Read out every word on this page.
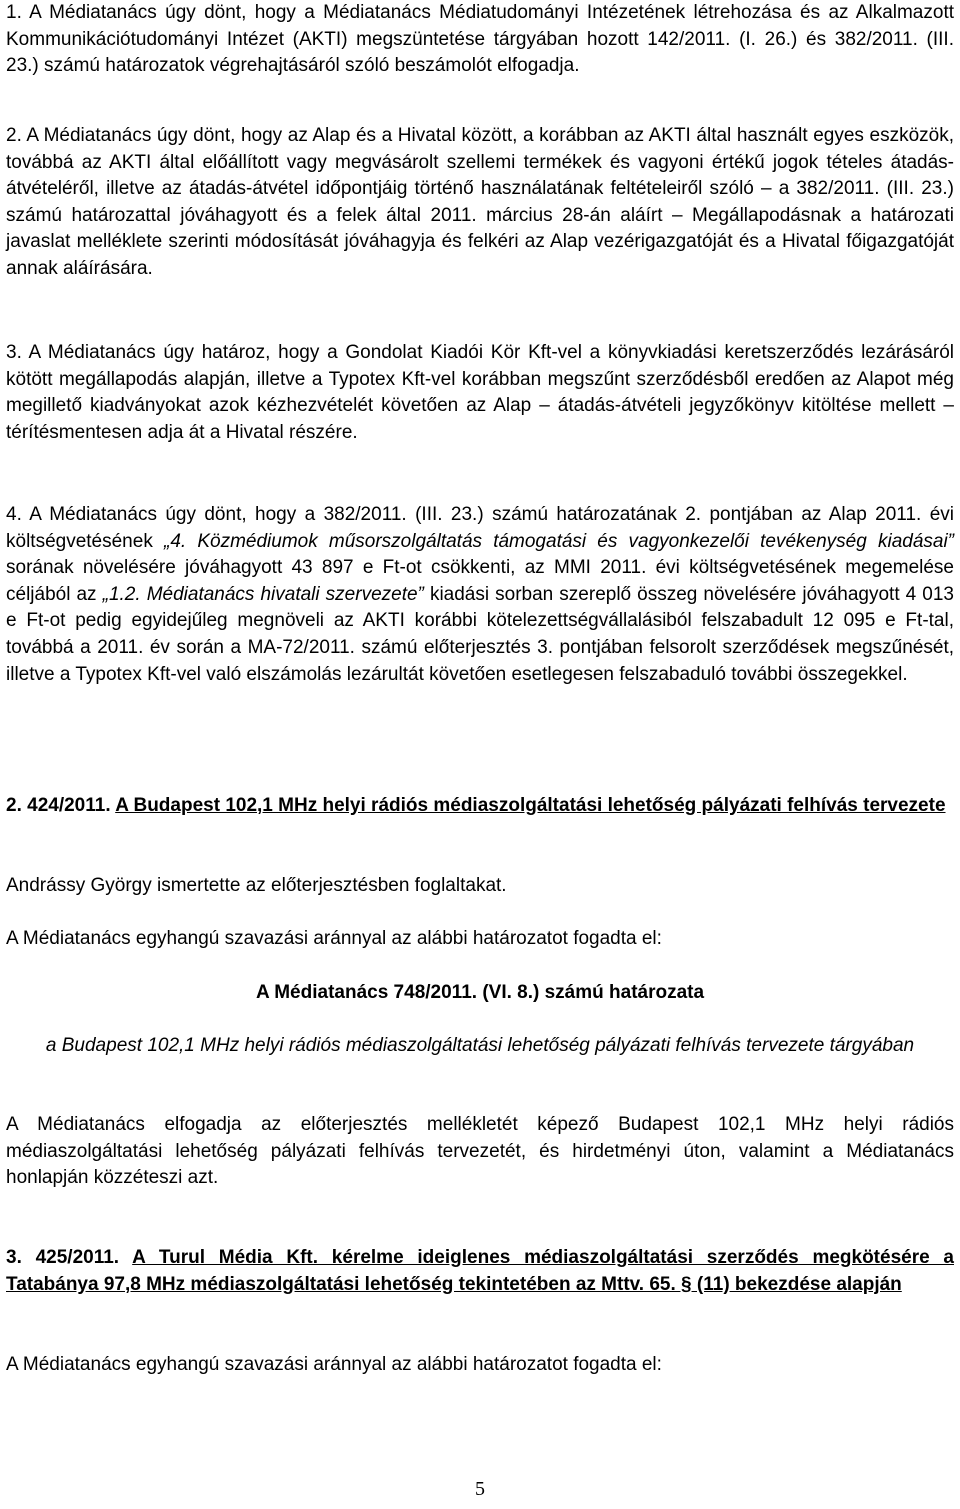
1. A Médiatanács úgy dönt, hogy a Médiatanács Médiatudományi Intézetének létrehozása és az Alkalmazott Kommunikációtudományi Intézet (AKTI) megszüntetése tárgyában hozott 142/2011. (I. 26.) és 382/2011. (III. 23.) számú határozatok végrehajtásáról szóló beszámolót elfogadja.

2. A Médiatanács úgy dönt, hogy az Alap és a Hivatal között, a korábban az AKTI által használt egyes eszközök, továbbá az AKTI által előállított vagy megvásárolt szellemi termékek és vagyoni értékű jogok tételes átadás-átvételéről, illetve az átadás-átvétel időpontjáig történő használatának feltételeiről szóló – a 382/2011. (III. 23.) számú határozattal jóváhagyott és a felek által 2011. március 28-án aláírt – Megállapodásnak a határozati javaslat melléklete szerinti módosítását jóváhagyja és felkéri az Alap vezérigazgatóját és a Hivatal főigazgatóját annak aláírására.

3. A Médiatanács úgy határoz, hogy a Gondolat Kiadói Kör Kft-vel a könyvkiadási keretszerződés lezárásáról kötött megállapodás alapján, illetve a Typotex Kft-vel korábban megszűnt szerződésből eredően az Alapot még megillető kiadványokat azok kézhezvételét követően az Alap – átadás-átvételi jegyzőkönyv kitöltése mellett – térítésmentesen adja át a Hivatal részére.

4. A Médiatanács úgy dönt, hogy a 382/2011. (III. 23.) számú határozatának 2. pontjában az Alap 2011. évi költségvetésének „4. Közmédiumok műsorszolgáltatás támogatási és vagyonkezelői tevékenység kiadásai” sorának növelésére jóváhagyott 43 897 e Ft-ot csökkenti, az MMI 2011. évi költségvetésének megemelése céljából az „1.2. Médiatanács hivatali szervezete” kiadási sorban szereplő összeg növelésére jóváhagyott 4 013 e Ft-ot pedig egyidejűleg megnöveli az AKTI korábbi kötelezettségvállalásiból felszabadult 12 095 e Ft-tal, továbbá a 2011. év során a MA-72/2011. számú előterjesztés 3. pontjában felsorolt szerződések megszűnését, illetve a Typotex Kft-vel való elszámolás lezárultát követően esetlegesen felszabaduló további összegekkel.

2. 424/2011. A Budapest 102,1 MHz helyi rádiós médiaszolgáltatási lehetőség pályázati felhívás tervezete

Andrássy György ismertette az előterjesztésben foglaltakat.

A Médiatanács egyhangú szavazási aránnyal az alábbi határozatot fogadta el:

A Médiatanács 748/2011. (VI. 8.) számú határozata

a Budapest 102,1 MHz helyi rádiós médiaszolgáltatási lehetőség pályázati felhívás tervezete tárgyában

A Médiatanács elfogadja az előterjesztés mellékletét képező Budapest 102,1 MHz helyi rádiós médiaszolgáltatási lehetőség pályázati felhívás tervezetét, és hirdetményi úton, valamint a Médiatanács honlapján közzéteszi azt.

3. 425/2011. A Turul Média Kft. kérelme ideiglenes médiaszolgáltatási szerződés megkötésére a Tatabánya 97,8 MHz médiaszolgáltatási lehetőség tekintetében az Mttv. 65. § (11) bekezdése alapján

A Médiatanács egyhangú szavazási aránnyal az alábbi határozatot fogadta el:

5
